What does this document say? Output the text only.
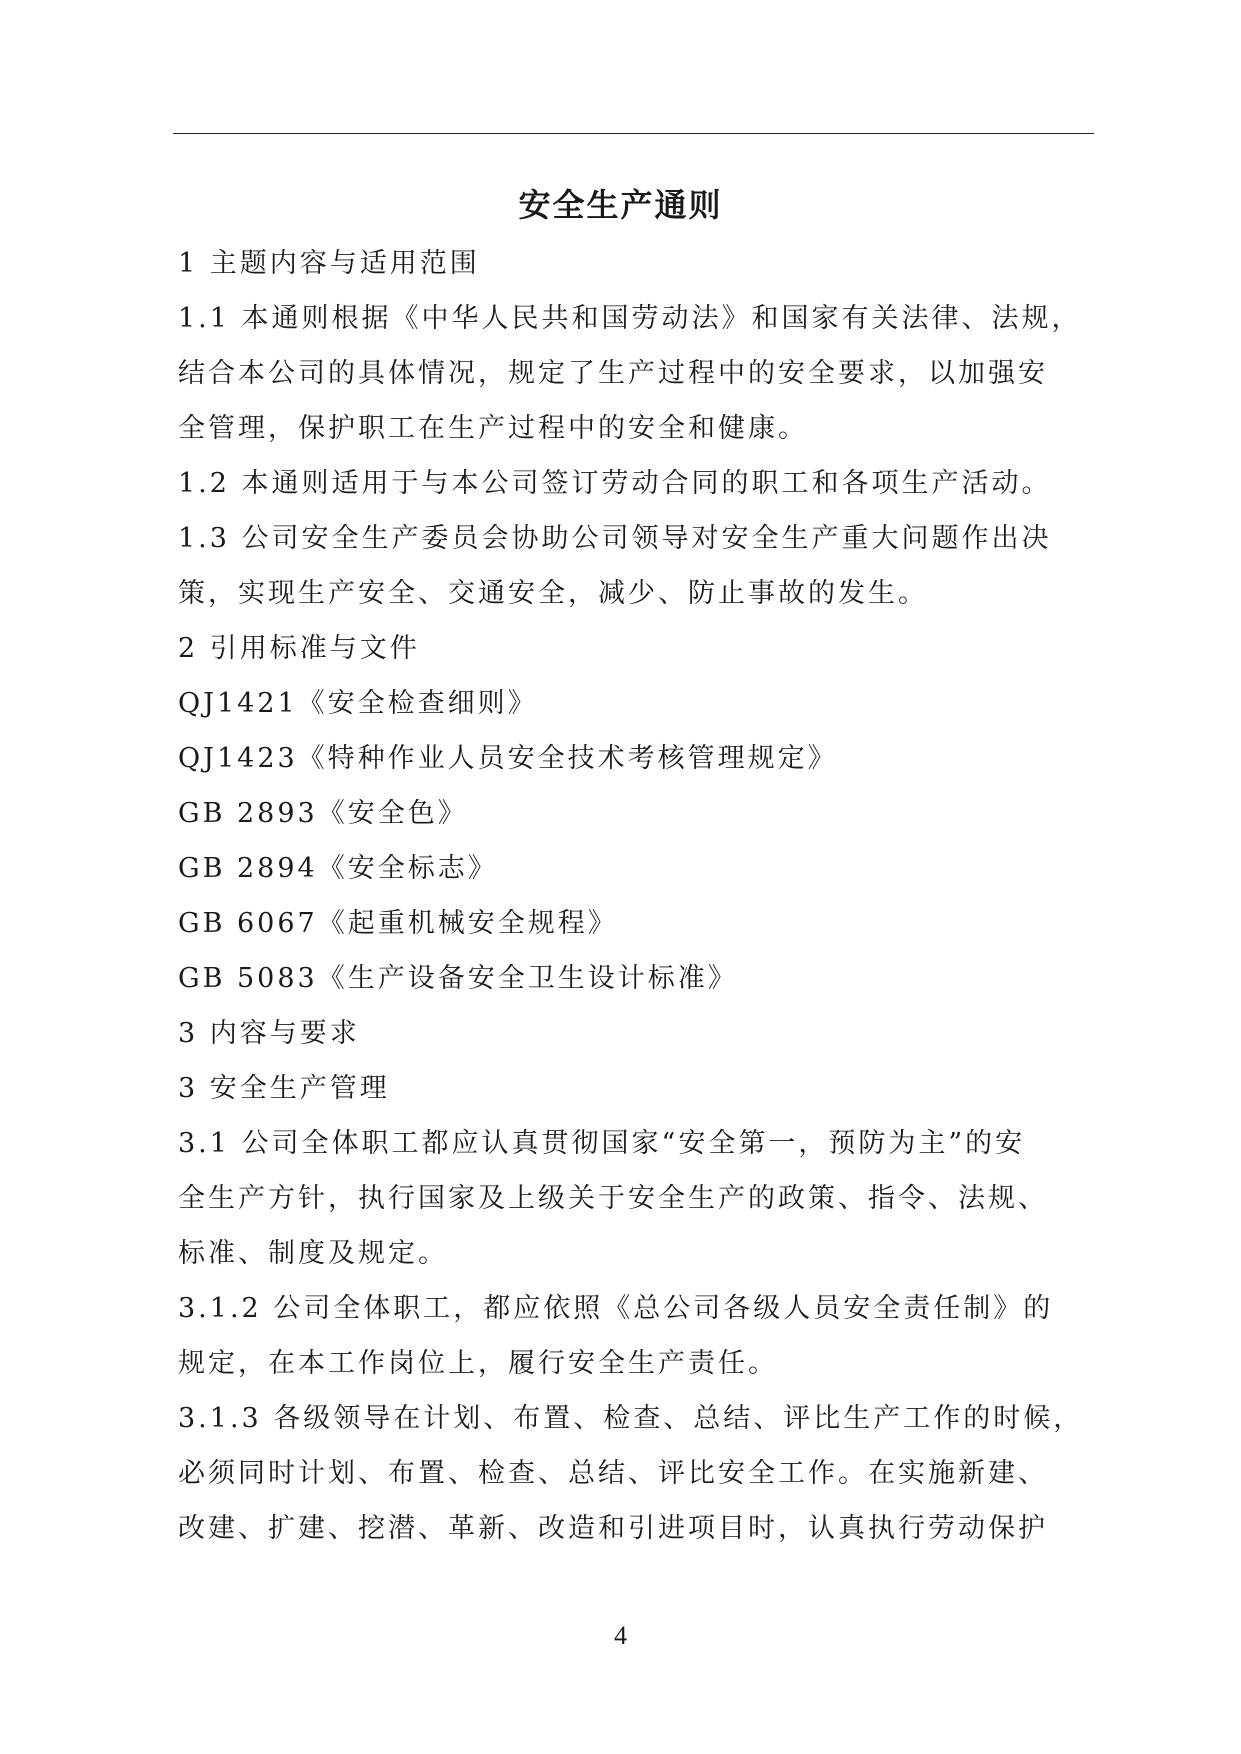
安全生产通则

1 主题内容与适用范围

1.1 本通则根据《中华人民共和国劳动法》和国家有关法律、法规，

结合本公司的具体情况，规定了生产过程中的安全要求，以加强安

全管理，保护职工在生产过程中的安全和健康。

1.2 本通则适用于与本公司签订劳动合同的职工和各项生产活动。

1.3 公司安全生产委员会协助公司领导对安全生产重大问题作出决

策，实现生产安全、交通安全，减少、防止事故的发生。

2 引用标准与文件

QJ1421《安全检查细则》

QJ1423《特种作业人员安全技术考核管理规定》

GB 2893《安全色》

GB 2894《安全标志》

GB 6067《起重机械安全规程》

GB 5083《生产设备安全卫生设计标准》

3 内容与要求

3 安全生产管理

3.1 公司全体职工都应认真贯彻国家“安全第一，预防为主”的安

全生产方针，执行国家及上级关于安全生产的政策、指令、法规、

标准、制度及规定。

3.1.2 公司全体职工，都应依照《总公司各级人员安全责任制》的

规定，在本工作岗位上，履行安全生产责任。

3.1.3 各级领导在计划、布置、检查、总结、评比生产工作的时候，

必须同时计划、布置、检查、总结、评比安全工作。在实施新建、

改建、扩建、挖潜、革新、改造和引进项目时，认真执行劳动保护

4
